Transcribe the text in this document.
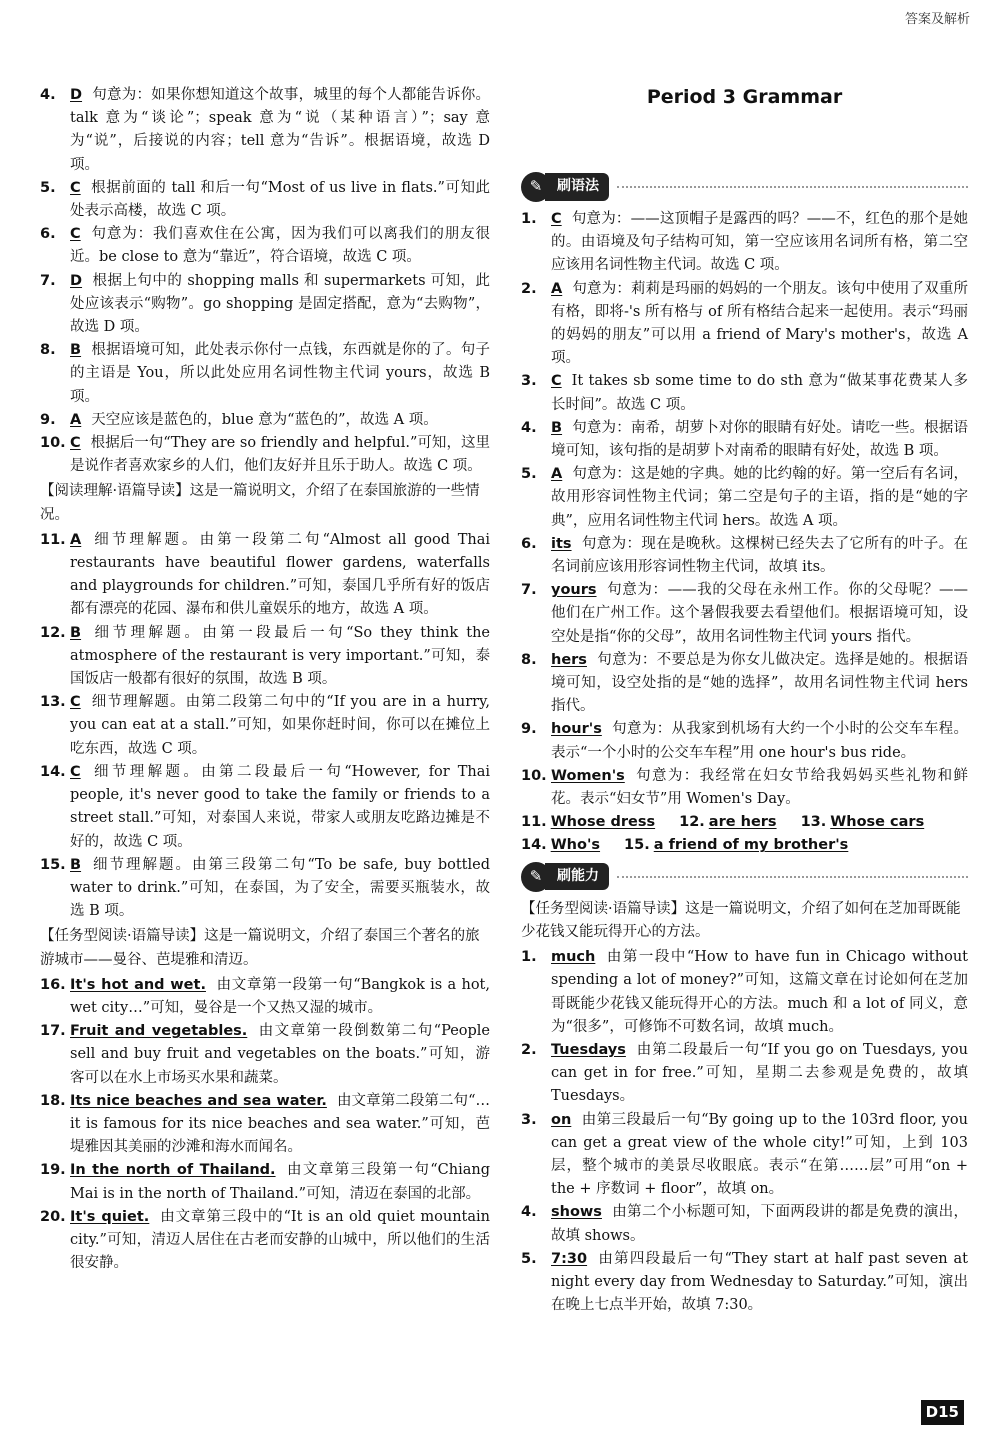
答案及解析
Period 3 Grammar

4. D 句意为：如果你想知道这个故事，城里的每个人都能告诉你。talk 意为“谈论”；speak 意为“说（某种语言）”；say 意为“说”，后接说的内容；tell 意为“告诉”。根据语境，故选 D 项。

5. C 根据前面的 tall 和后一句“Most of us live in flats.”可知此处表示高楼，故选 C 项。

6. C 句意为：我们喜欢住在公寓，因为我们可以离我们的朋友很近。be close to 意为“靠近”，符合语境，故选 C 项。

7. D 根据上句中的 shopping malls 和 supermarkets 可知，此处应该表示“购物”。go shopping 是固定搭配，意为“去购物”，故选 D 项。

8. B 根据语境可知，此处表示你付一点钱，东西就是你的了。句子的主语是 You，所以此处应用名词性物主代词 yours，故选 B 项。

9. A 天空应该是蓝色的，blue 意为“蓝色的”，故选 A 项。

10. C 根据后一句“They are so friendly and helpful.”可知，这里是说作者喜欢家乡的人们，他们友好并且乐于助人。故选 C 项。

【阅读理解·语篇导读】这是一篇说明文，介绍了在泰国旅游的一些情况。

11. A 细节理解题。由第一段第二句“Almost all good Thai restaurants have beautiful flower gardens, waterfalls and playgrounds for children.”可知，泰国几乎所有好的饭店都有漂亮的花园、瀑布和供儿童娱乐的地方，故选 A 项。

12. B 细节理解题。由第一段最后一句“So they think the atmosphere of the restaurant is very important.”可知，泰国饭店一般都有很好的氛围，故选 B 项。

13. C 细节理解题。由第二段第二句中的“If you are in a hurry, you can eat at a stall.”可知，如果你赶时间，你可以在摊位上吃东西，故选 C 项。

14. C 细节理解题。由第二段最后一句“However, for Thai people, it's never good to take the family or friends to a street stall.”可知，对泰国人来说，带家人或朋友吃路边摊是不好的，故选 C 项。

15. B 细节理解题。由第三段第二句“To be safe, buy bottled water to drink.”可知，在泰国，为了安全，需要买瓶装水，故选 B 项。

【任务型阅读·语篇导读】这是一篇说明文，介绍了泰国三个著名的旅游城市——曼谷、芭堤雅和清迈。

16. It's hot and wet. 由文章第一段第一句“Bangkok is a hot, wet city…”可知，曼谷是一个又热又湿的城市。

17. Fruit and vegetables. 由文章第一段倒数第二句“People sell and buy fruit and vegetables on the boats.”可知，游客可以在水上市场买水果和蔬菜。

18. Its nice beaches and sea water. 由文章第二段第二句“… it is famous for its nice beaches and sea water.”可知，芭堤雅因其美丽的沙滩和海水而闻名。

19. In the north of Thailand. 由文章第三段第一句“Chiang Mai is in the north of Thailand.”可知，清迈在泰国的北部。

20. It's quiet. 由文章第三段中的“It is an old quiet mountain city.”可知，清迈人居住在古老而安静的山城中，所以他们的生活很安静。

✎	刷语法

1. C 句意为：——这顶帽子是露西的吗？——不，红色的那个是她的。由语境及句子结构可知，第一空应该用名词所有格，第二空应该用名词性物主代词。故选 C 项。

2. A 句意为：莉莉是玛丽的妈妈的一个朋友。该句中使用了双重所有格，即将-'s 所有格与 of 所有格结合起来一起使用。表示“玛丽的妈妈的朋友”可以用 a friend of Mary's mother's，故选 A 项。

3. C It takes sb some time to do sth 意为“做某事花费某人多长时间”。故选 C 项。

4. B 句意为：南希，胡萝卜对你的眼睛有好处。请吃一些。根据语境可知，该句指的是胡萝卜对南希的眼睛有好处，故选 B 项。

5. A 句意为：这是她的字典。她的比约翰的好。第一空后有名词，故用形容词性物主代词；第二空是句子的主语，指的是“她的字典”，应用名词性物主代词 hers。故选 A 项。

6. its 句意为：现在是晚秋。这棵树已经失去了它所有的叶子。在名词前应该用形容词性物主代词，故填 its。

7. yours 句意为：——我的父母在永州工作。你的父母呢？——他们在广州工作。这个暑假我要去看望他们。根据语境可知，设空处是指“你的父母”，故用名词性物主代词 yours 指代。

8. hers 句意为：不要总是为你女儿做决定。选择是她的。根据语境可知，设空处指的是“她的选择”，故用名词性物主代词 hers 指代。

9. hour's 句意为：从我家到机场有大约一个小时的公交车车程。表示“一个小时的公交车车程”用 one hour's bus ride。

10. Women's 句意为：我经常在妇女节给我妈妈买些礼物和鲜花。表示“妇女节”用 Women's Day。

11. Whose dress 12. are hers 13. Whose cars
14. Who's 15. a friend of my brother's
✎	刷能力

【任务型阅读·语篇导读】这是一篇说明文，介绍了如何在芝加哥既能少花钱又能玩得开心的方法。

1. much 由第一段中“How to have fun in Chicago without spending a lot of money?”可知，这篇文章在讨论如何在芝加哥既能少花钱又能玩得开心的方法。much 和 a lot of 同义，意为“很多”，可修饰不可数名词，故填 much。

2. Tuesdays 由第二段最后一句“If you go on Tuesdays, you can get in for free.”可知，星期二去参观是免费的，故填 Tuesdays。

3. on 由第三段最后一句“By going up to the 103rd floor, you can get a great view of the whole city!”可知，上到 103 层，整个城市的美景尽收眼底。表示“在第……层”可用“on + the + 序数词 + floor”，故填 on。

4. shows 由第二个小标题可知，下面两段讲的都是免费的演出，故填 shows。

5. 7:30 由第四段最后一句“They start at half past seven at night every day from Wednesday to Saturday.”可知，演出在晚上七点半开始，故填 7:30。

D15
